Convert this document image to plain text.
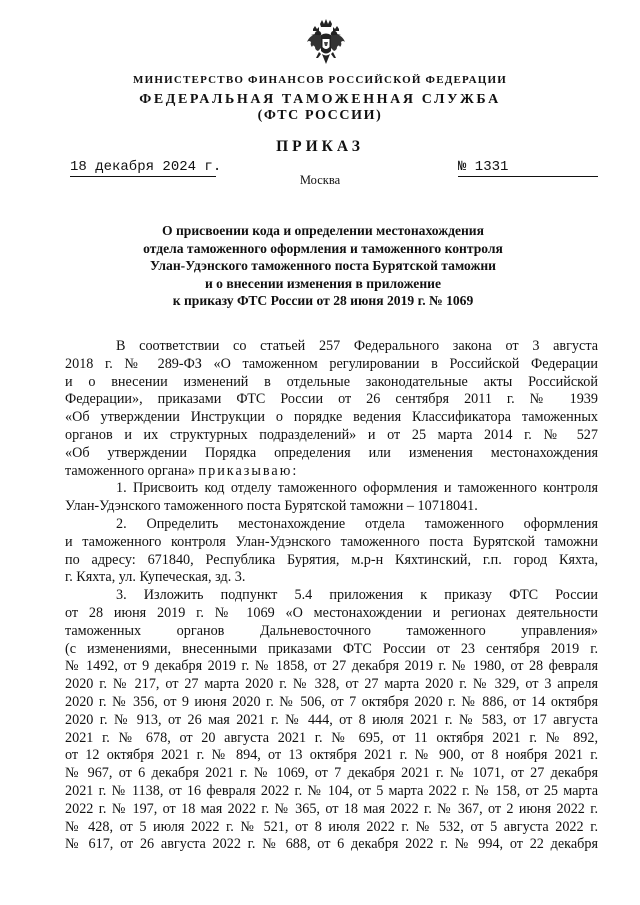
МИНИСТЕРСТВО ФИНАНСОВ РОССИЙСКОЙ ФЕДЕРАЦИИ
ФЕДЕРАЛЬНАЯ ТАМОЖЕННАЯ СЛУЖБА
(ФТС РОССИИ)
ПРИКАЗ
18 декабря 2024 г.	№ 1331
Москва
О присвоении кода и определении местонахождения
отдела таможенного оформления и таможенного контроля
Улан-Удэнского таможенного поста Бурятской таможни
и о внесении изменения в приложение
к приказу ФТС России от 28 июня 2019 г. № 1069
В соответствии со статьей 257 Федерального закона от 3 августа
2018 г. № 289-ФЗ «О таможенном регулировании в Российской Федерации
и о внесении изменений в отдельные законодательные акты Российской
Федерации», приказами ФТС России от 26 сентября 2011 г. № 1939
«Об утверждении Инструкции о порядке ведения Классификатора таможенных
органов и их структурных подразделений» и от 25 марта 2014 г. № 527
«Об утверждении Порядка определения или изменения местонахождения
таможенного органа» приказываю:
1. Присвоить код отделу таможенного оформления и таможенного контроля
Улан-Удэнского таможенного поста Бурятской таможни – 10718041.
2. Определить местонахождение отдела таможенного оформления
и таможенного контроля Улан-Удэнского таможенного поста Бурятской таможни
по адресу: 671840, Республика Бурятия, м.р-н Кяхтинский, г.п. город Кяхта,
г. Кяхта, ул. Купеческая, зд. 3.
3. Изложить подпункт 5.4 приложения к приказу ФТС России
от 28 июня 2019 г. № 1069 «О местонахождении и регионах деятельности
таможенных органов Дальневосточного таможенного управления»
(с изменениями, внесенными приказами ФТС России от 23 сентября 2019 г.
№ 1492, от 9 декабря 2019 г. № 1858, от 27 декабря 2019 г. № 1980, от 28 февраля
2020 г. № 217, от 27 марта 2020 г. № 328, от 27 марта 2020 г. № 329, от 3 апреля
2020 г. № 356, от 9 июня 2020 г. № 506, от 7 октября 2020 г. № 886, от 14 октября
2020 г. № 913, от 26 мая 2021 г. № 444, от 8 июля 2021 г. № 583, от 17 августа
2021 г. № 678, от 20 августа 2021 г. № 695, от 11 октября 2021 г. № 892,
от 12 октября 2021 г. № 894, от 13 октября 2021 г. № 900, от 8 ноября 2021 г.
№ 967, от 6 декабря 2021 г. № 1069, от 7 декабря 2021 г. № 1071, от 27 декабря
2021 г. № 1138, от 16 февраля 2022 г. № 104, от 5 марта 2022 г. № 158, от 25 марта
2022 г. № 197, от 18 мая 2022 г. № 365, от 18 мая 2022 г. № 367, от 2 июня 2022 г.
№ 428, от 5 июля 2022 г. № 521, от 8 июля 2022 г. № 532, от 5 августа 2022 г.
№ 617, от 26 августа 2022 г. № 688, от 6 декабря 2022 г. № 994, от 22 декабря
